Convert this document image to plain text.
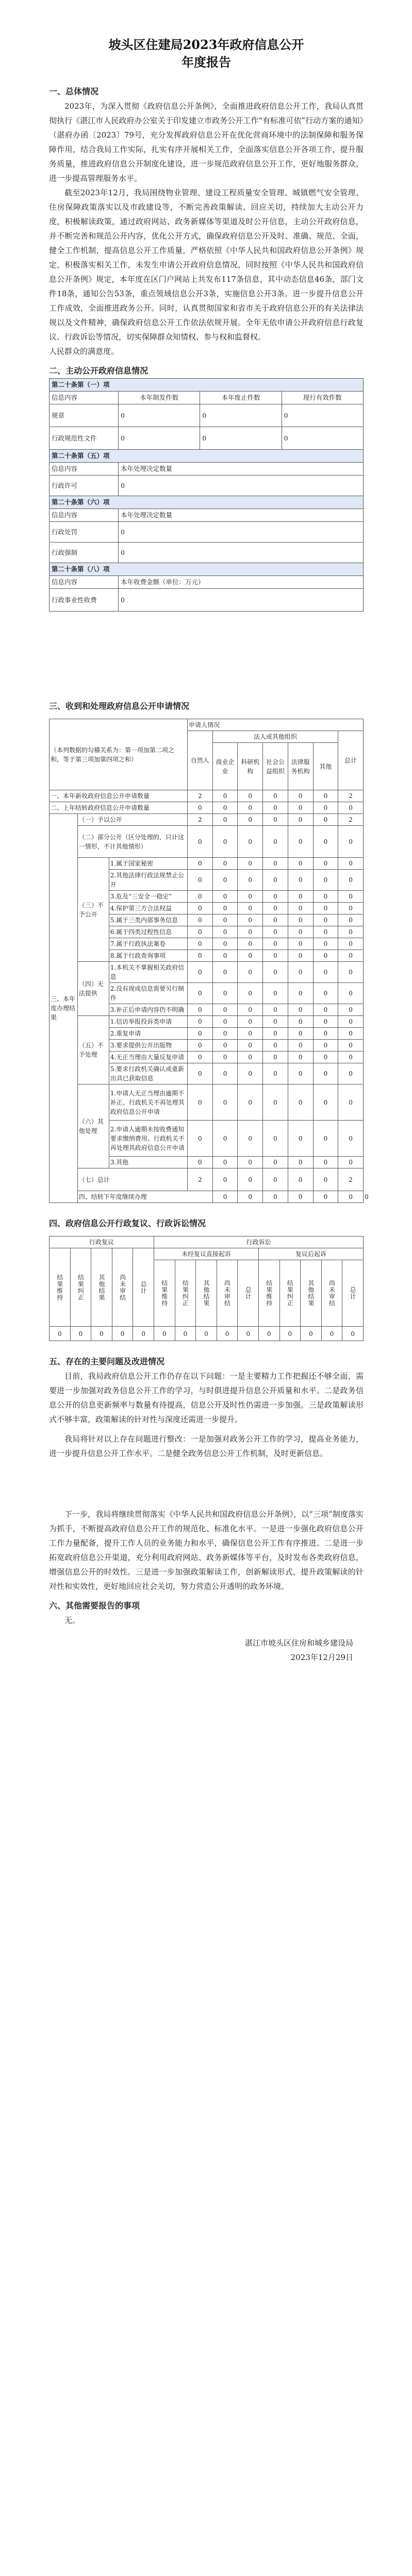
坡头区住建局2023年政府信息公开
年度报告

一、总体情况

2023年，为深入贯彻《政府信息公开条例》，全面推进政府信息公开工作，我局认真贯彻执行《湛江市人民政府办公室关于印发建立市政务公开工作“有标准可依”行动方案的通知》（湛府办函〔2023〕79号，充分发挥政府信息公开在优化营商环境中的法制保障和服务保障作用，结合我局工作实际，扎实有序开展相关工作，全面落实信息公开各项工作，提升服务质量，推进政府信息公开制度化建设，进一步规范政府信息公开工作，更好地服务群众，进一步提高管理服务水平。

截至2023年12月，我局围绕物业管理、建设工程质量安全管理、城镇燃气安全管理、住房保障政策落实以及市政建设等，不断完善政策解读、回应关切，持续加大主动公开力度，积极解读政策，通过政府网站、政务新媒体等渠道及时公开信息，主动公开政府信息，并不断完善和规范公开内容，优化公开方式，确保政府信息公开及时、准确、规范、全面，健全工作机制，提高信息公开工作质量，严格依照《中华人民共和国政府信息公开条例》规定，积极落实相关工作，未发生申请公开政府信息情况，同时按照《中华人民共和国政府信息公开条例》规定，本年度在区门户网站上共发布117条信息，其中动态信息46条，部门文件18条，通知公告53条，重点领域信息公开3条，实施信息公开3条。进一步提升信息公开工作成效，全面推进政务公开。同时，认真贯彻国家和省市关于政府信息公开的有关法律法规以及文件精神，确保政府信息公开工作依法依规开展。全年无依申请公开政府信息行政复议、行政诉讼等情况，切实保障群众知情权、参与权和监督权。

人民群众的满意度。

二、主动公开政府信息情况

第二十条第（一）项			
信息内容	本年制发件数	本年废止件数	现行有效件数
规章	0	0	0
行政规范性文件	0	0	0
第二十条第（五）项			
信息内容	本年处理决定数量		
行政许可	0		
第二十条第（六）项			
信息内容	本年处理决定数量		
行政处罚	0		
行政强制	0		
第二十条第（八）项			
信息内容	本年收费金额（单位：万元）		
行政事业性收费	0		

三、收到和处理政府信息公开申请情况

（本列数据的勾稽关系为：第一项加第二项之和，等于第三项加第四项之和）			申请人情况							
			自然人	法人或其他组织					总计	
				商业企业	科研机构	社会公益组织	法律服务机构	其他		
一、本年新收政府信息公开申请数量			2	0	0	0	0	0	2	
二、上年结转政府信息公开申请数量			0	0	0	0	0	0	0	
三、本年度办理结果	（一）予以公开		2	0	0	0	0	0	2	
	（二）部分公开（区分处理的，只计这一情形，不计其他情形）		0	0	0	0	0	0	0	
	（三）不予公开	1.属于国家秘密	0	0	0	0	0	0	0	
		2.其他法律行政法规禁止公开	0	0	0	0	0	0	0	
		3.危及“三安全一稳定”	0	0	0	0	0	0	0	
		4.保护第三方合法权益	0	0	0	0	0	0	0	
		5.属于三类内部事务信息	0	0	0	0	0	0	0	
		6.属于四类过程性信息	0	0	0	0	0	0	0	
		7.属于行政执法案卷	0	0	0	0	0	0	0	
		8.属于行政查询事项	0	0	0	0	0	0	0	
	（四）无法提供	1.本机关不掌握相关政府信息	0	0	0	0	0	0	0	
		2.没有现成信息需要另行制作	0	0	0	0	0	0	0	
		3.补正后申请内容仍不明确	0	0	0	0	0	0	0	
	（五）不予处理	1.信访举报投诉类申请	0	0	0	0	0	0	0	
		2.重复申请	0	0	0	0	0	0	0	
		3.要求提供公开出版物	0	0	0	0	0	0	0	
		4.无正当理由大量反复申请	0	0	0	0	0	0	0	
		5.要求行政机关确认或重新出具已获取信息	0	0	0	0	0	0	0	
	（六）其他处理	1.申请人无正当理由逾期不补正、行政机关不再处理其政府信息公开申请	0	0	0	0	0	0	0	
		2.申请人逾期未按收费通知要求缴纳费用、行政机关不再处理其政府信息公开申请	0	0	0	0	0	0	0	
		3.其他	0	0	0	0	0	0	0	
	（七）总计		2	0	0	0	0	0	2	
	四、结转下年度继续办理			0	0	0	0	0	0	0

四、政府信息公开行政复议、行政诉讼情况

行政复议					行政诉讼									
结果维持	结果纠正	其他结果	尚未审结	总计	未经复议直接起诉					复议后起诉				
					结果维持	结果纠正	其他结果	尚未审结	总计	结果维持	结果纠正	其他结果	尚未审结	总计
0	0	0	0	0	0	0	0	0	0	0	0	0	0	0

五、存在的主要问题及改进情况

目前，我局政府信息公开工作仍存在以下问题：一是主要精力工作把握还不够全面，需要进一步加强对政务信息公开工作的学习，与时俱进提升信息公开质量和水平。二是政务信息公开的信息更新频率与数量有待提高，信息公开及时性仍需进一步加强。三是政策解读形式不够丰富，政策解读的针对性与深度还需进一步提升。

我局将针对以上存在问题进行整改：一是加强对政务公开工作的学习，提高业务能力，进一步提升信息公开工作水平。二是健全政务信息公开工作机制，及时更新信息。

下一步，我局将继续贯彻落实《中华人民共和国政府信息公开条例》，以“三项”制度落实为抓手，不断提高政府信息公开工作的规范化、标准化水平。一是进一步强化政府信息公开工作力量配备，提升工作人员的业务能力和水平，确保信息公开工作有序推进。二是进一步拓宽政府信息公开渠道，充分利用政府网站、政务新媒体等平台，及时发布各类政府信息，增强信息公开的时效性。三是进一步加强政策解读工作，创新解读形式，提升政策解读的针对性和实效性，更好地回应社会关切，努力营造公开透明的政务环境。

六、其他需要报告的事项

无。

湛江市坡头区住房和城乡建设局

2023年12月29日
